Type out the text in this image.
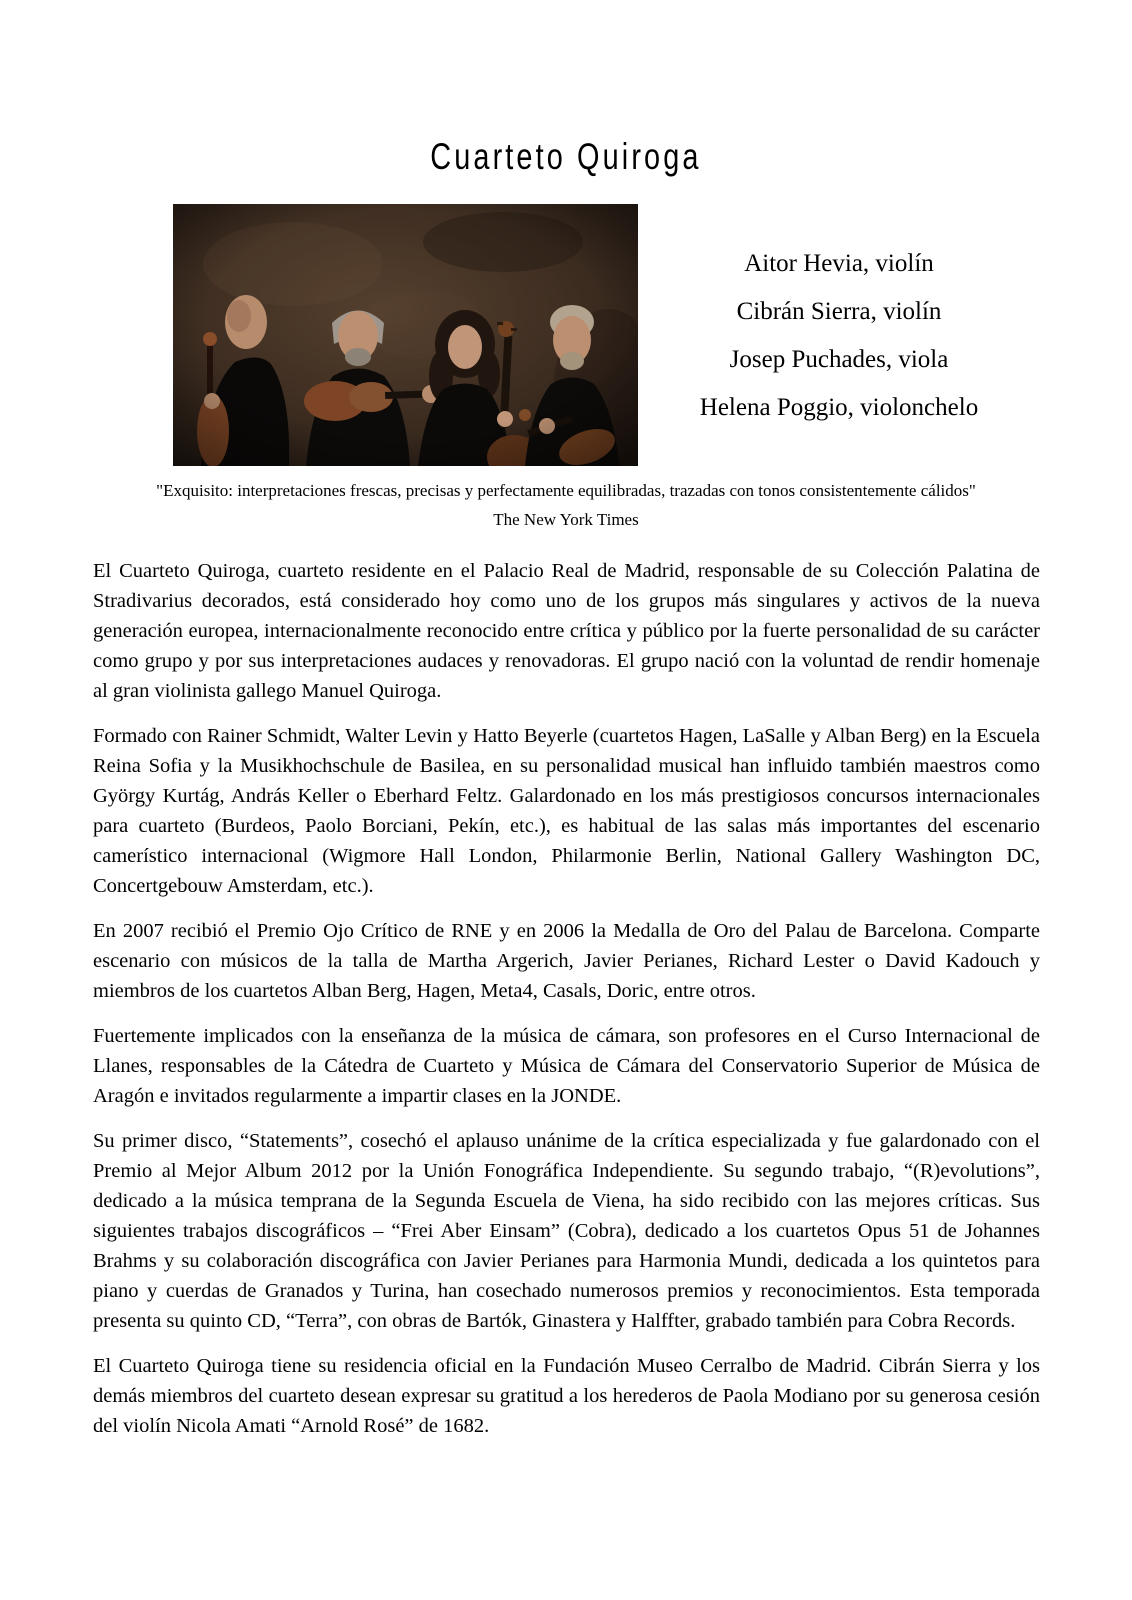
Cuarteto Quiroga
Aitor Hevia, violín
Cibrán Sierra, violín
Josep Puchades, viola
Helena Poggio, violonchelo
"Exquisito: interpretaciones frescas, precisas y perfectamente equilibradas, trazadas con tonos consistentemente cálidos"
The New York Times

El Cuarteto Quiroga, cuarteto residente en el Palacio Real de Madrid, responsable de su Colección Palatina de Stradivarius decorados, está considerado hoy como uno de los grupos más singulares y activos de la nueva generación europea, internacionalmente reconocido entre crítica y público por la fuerte personalidad de su carácter como grupo y por sus interpretaciones audaces y renovadoras. El grupo nació con la voluntad de rendir homenaje al gran violinista gallego Manuel Quiroga.

Formado con Rainer Schmidt, Walter Levin y Hatto Beyerle (cuartetos Hagen, LaSalle y Alban Berg) en la Escuela Reina Sofia y la Musikhochschule de Basilea, en su personalidad musical han influido también maestros como György Kurtág, András Keller o Eberhard Feltz. Galardonado en los más prestigiosos concursos internacionales para cuarteto (Burdeos, Paolo Borciani, Pekín, etc.), es habitual de las salas más importantes del escenario camerístico internacional (Wigmore Hall London, Philarmonie Berlin, National Gallery Washington DC, Concertgebouw Amsterdam, etc.).

En 2007 recibió el Premio Ojo Crítico de RNE y en 2006 la Medalla de Oro del Palau de Barcelona. Comparte escenario con músicos de la talla de Martha Argerich, Javier Perianes, Richard Lester o David Kadouch y miembros de los cuartetos Alban Berg, Hagen, Meta4, Casals, Doric, entre otros.

Fuertemente implicados con la enseñanza de la música de cámara, son profesores en el Curso Internacional de Llanes, responsables de la Cátedra de Cuarteto y Música de Cámara del Conservatorio Superior de Música de Aragón e invitados regularmente a impartir clases en la JONDE.

Su primer disco, “Statements”, cosechó el aplauso unánime de la crítica especializada y fue galardonado con el Premio al Mejor Album 2012 por la Unión Fonográfica Independiente. Su segundo trabajo, “(R)evolutions”, dedicado a la música temprana de la Segunda Escuela de Viena, ha sido recibido con las mejores críticas. Sus siguientes trabajos discográficos – “Frei Aber Einsam” (Cobra), dedicado a los cuartetos Opus 51 de Johannes Brahms y su colaboración discográfica con Javier Perianes para Harmonia Mundi, dedicada a los quintetos para piano y cuerdas de Granados y Turina, han cosechado numerosos premios y reconocimientos. Esta temporada presenta su quinto CD, “Terra”, con obras de Bartók, Ginastera y Halffter, grabado también para Cobra Records.

El Cuarteto Quiroga tiene su residencia oficial en la Fundación Museo Cerralbo de Madrid. Cibrán Sierra y los demás miembros del cuarteto desean expresar su gratitud a los herederos de Paola Modiano por su generosa cesión del violín Nicola Amati “Arnold Rosé” de 1682.
